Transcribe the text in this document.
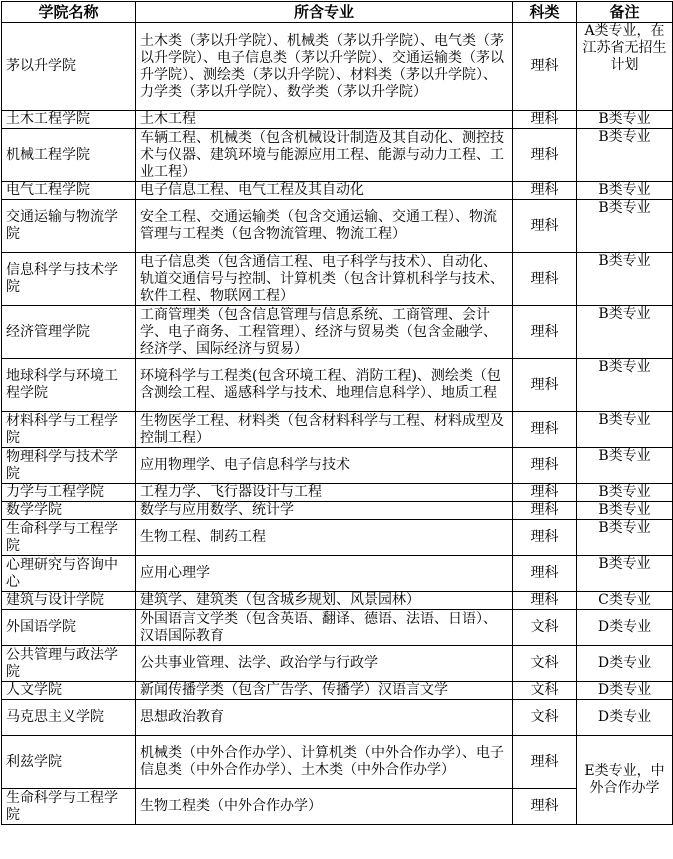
学院名称	所含专业	科类	备注
茅以升学院	土木类（茅以升学院）、机械类（茅以升学院）、电气类（茅以升学院）、电子信息类（茅以升学院）、交通运输类（茅以升学院）、测绘类（茅以升学院）、材料类（茅以升学院）、力学类（茅以升学院）、数学类（茅以升学院）	理科	A类专业，在江苏省无招生计划
土木工程学院	土木工程	理科	B类专业
机械工程学院	车辆工程、机械类（包含机械设计制造及其自动化、测控技术与仪器、建筑环境与能源应用工程、能源与动力工程、工业工程）	理科	B类专业
电气工程学院	电子信息工程、电气工程及其自动化	理科	B类专业
交通运输与物流学院	安全工程、交通运输类（包含交通运输、交通工程）、物流管理与工程类（包含物流管理、物流工程）	理科	B类专业
信息科学与技术学院	电子信息类（包含通信工程、电子科学与技术）、自动化、轨道交通信号与控制、计算机类（包含计算机科学与技术、软件工程、物联网工程）	理科	B类专业
经济管理学院	工商管理类（包含信息管理与信息系统、工商管理、会计学、电子商务、工程管理）、经济与贸易类（包含金融学、经济学、国际经济与贸易）	理科	B类专业
地球科学与环境工程学院	环境科学与工程类(包含环境工程、消防工程)、测绘类（包含测绘工程、遥感科学与技术、地理信息科学）、地质工程	理科	B类专业
材料科学与工程学院	生物医学工程、材料类（包含材料科学与工程、材料成型及控制工程）	理科	B类专业
物理科学与技术学院	应用物理学、电子信息科学与技术	理科	B类专业
力学与工程学院	工程力学、飞行器设计与工程	理科	B类专业
数学学院	数学与应用数学、统计学	理科	B类专业
生命科学与工程学院	生物工程、制药工程	理科	B类专业
心理研究与咨询中心	应用心理学	理科	B类专业
建筑与设计学院	建筑学、建筑类（包含城乡规划、风景园林）	理科	C类专业
外国语学院	外国语言文学类（包含英语、翻译、德语、法语、日语）、汉语国际教育	文科	D类专业
公共管理与政法学院	公共事业管理、法学、政治学与行政学	文科	D类专业
人文学院	新闻传播学类（包含广告学、传播学）汉语言文学	文科	D类专业
马克思主义学院	思想政治教育	文科	D类专业
利兹学院	机械类（中外合作办学）、计算机类（中外合作办学）、电子信息类（中外合作办学）、土木类（中外合作办学）	理科	E类专业，中外合作办学
生命科学与工程学院	生物工程类（中外合作办学）	理科	
